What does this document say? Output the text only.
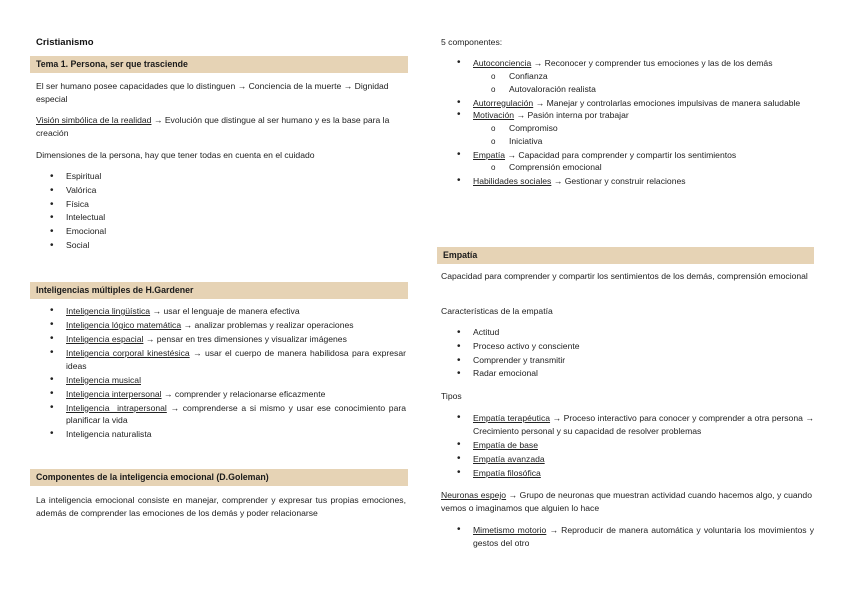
Cristianismo
Tema 1. Persona, ser que trasciende
El ser humano posee capacidades que lo distinguen → Conciencia de la muerte → Dignidad especial
Visión simbólica de la realidad → Evolución que distingue al ser humano y es la base para la creación
Dimensiones de la persona, hay que tener todas en cuenta en el cuidado
• Espiritual
• Valórica
• Física
• Intelectual
• Emocional
• Social
Inteligencias múltiples de H.Gardener
• Inteligencia lingüística → usar el lenguaje de manera efectiva
• Inteligencia lógico matemática → analizar problemas y realizar operaciones
• Inteligencia espacial → pensar en tres dimensiones y visualizar imágenes
• Inteligencia corporal kinestésica → usar el cuerpo de manera habilidosa para expresar ideas
• Inteligencia musical
• Inteligencia interpersonal → comprender y relacionarse eficazmente
• Inteligencia intrapersonal → comprenderse a si mismo y usar ese conocimiento para planificar la vida
• Inteligencia naturalista
Componentes de la inteligencia emocional (D.Goleman)
La inteligencia emocional consiste en manejar, comprender y expresar tus propias emociones, además de comprender las emociones de los demás y poder relacionarse
5 componentes:
• Autoconciencia → Reconocer y comprender tus emociones y las de los demás
o Confianza
o Autovaloración realista
• Autorregulación → Manejar y controlarlas emociones impulsivas de manera saludable
• Motivación → Pasión interna por trabajar
o Compromiso
o Iniciativa
• Empatía → Capacidad para comprender y compartir los sentimientos
o Comprensión emocional
• Habilidades sociales → Gestionar y construir relaciones
Empatía
Capacidad para comprender y compartir los sentimientos de los demás, comprensión emocional
Características de la empatía
• Actitud
• Proceso activo y consciente
• Comprender y transmitir
• Radar emocional
Tipos
• Empatía terapéutica → Proceso interactivo para conocer y comprender a otra persona → Crecimiento personal y su capacidad de resolver problemas
• Empatía de base
• Empatía avanzada
• Empatía filosófica
Neuronas espejo → Grupo de neuronas que muestran actividad cuando hacemos algo, y cuando vemos o imaginamos que alguien lo hace
• Mimetismo motorio → Reproducir de manera automática y voluntaria los movimientos y gestos del otro
